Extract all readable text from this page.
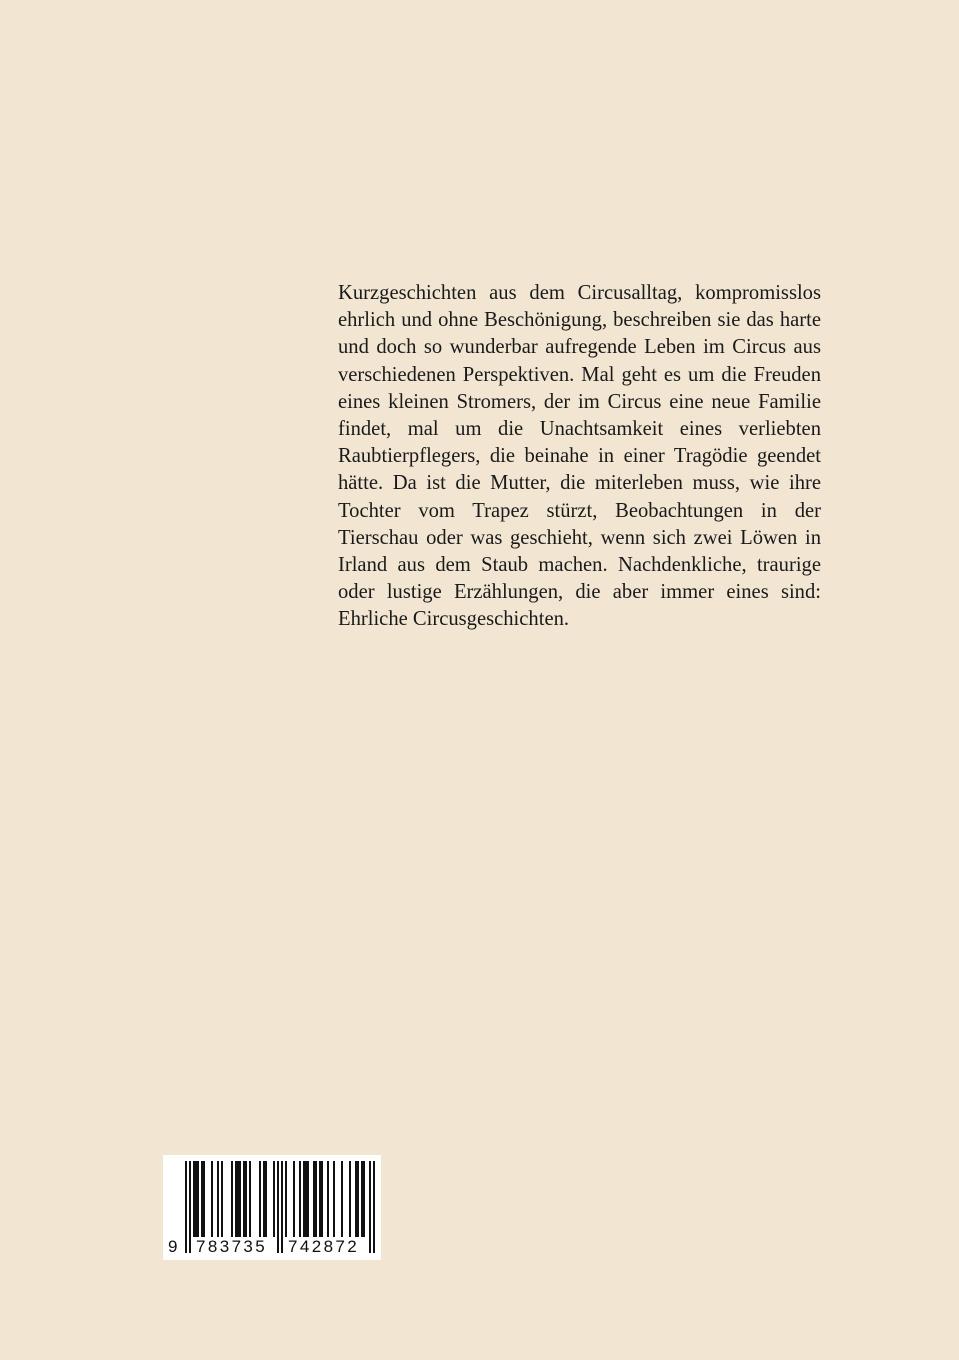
Kurzgeschichten aus dem Circusalltag, kompromisslos
ehrlich und ohne Beschönigung, beschreiben sie das harte
und doch so wunderbar aufregende Leben im Circus aus
verschiedenen Perspektiven. Mal geht es um die Freuden
eines kleinen Stromers, der im Circus eine neue Familie
findet, mal um die Unachtsamkeit eines verliebten
Raubtierpflegers, die beinahe in einer Tragödie geendet
hätte. Da ist die Mutter, die miterleben muss, wie ihre
Tochter vom Trapez stürzt, Beobachtungen in der
Tierschau oder was geschieht, wenn sich zwei Löwen in
Irland aus dem Staub machen. Nachdenkliche, traurige
oder lustige Erzählungen, die aber immer eines sind:
Ehrliche Circusgeschichten.
9 783735 742872
